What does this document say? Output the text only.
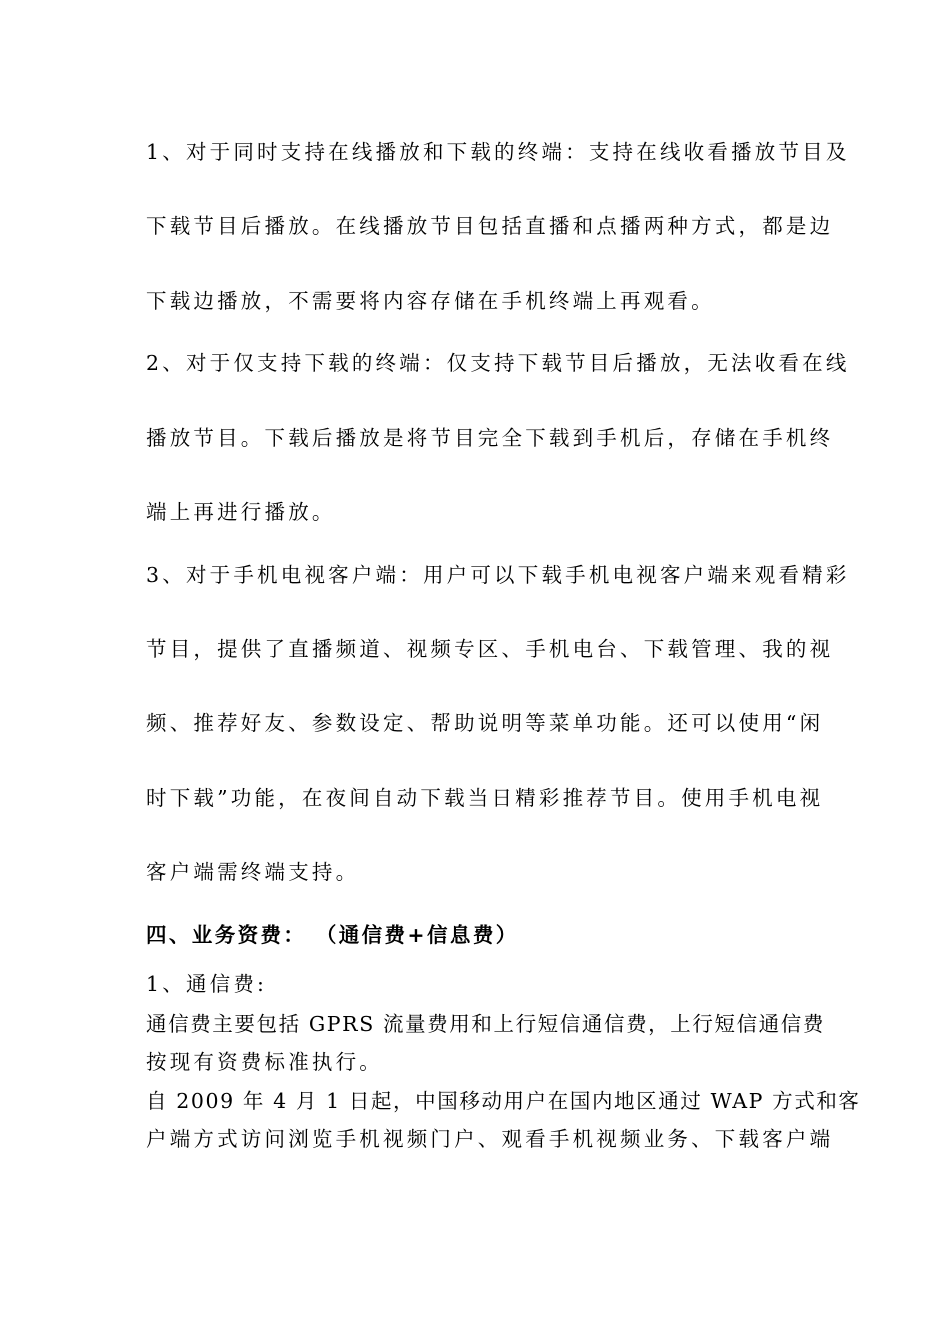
1、对于同时支持在线播放和下载的终端：支持在线收看播放节目及
下载节目后播放。在线播放节目包括直播和点播两种方式，都是边
下载边播放，不需要将内容存储在手机终端上再观看。
2、对于仅支持下载的终端：仅支持下载节目后播放，无法收看在线
播放节目。下载后播放是将节目完全下载到手机后，存储在手机终
端上再进行播放。
3、对于手机电视客户端：用户可以下载手机电视客户端来观看精彩
节目，提供了直播频道、视频专区、手机电台、下载管理、我的视
频、推荐好友、参数设定、帮助说明等菜单功能。还可以使用“闲
时下载”功能，在夜间自动下载当日精彩推荐节目。使用手机电视
客户端需终端支持。
四、业务资费： （通信费+信息费）
1、通信费:
通信费主要包括 GPRS 流量费用和上行短信通信费，上行短信通信费
按现有资费标准执行。
自 2009 年 4 月 1 日起，中国移动用户在国内地区通过 WAP 方式和客
户端方式访问浏览手机视频门户、观看手机视频业务、下载客户端
